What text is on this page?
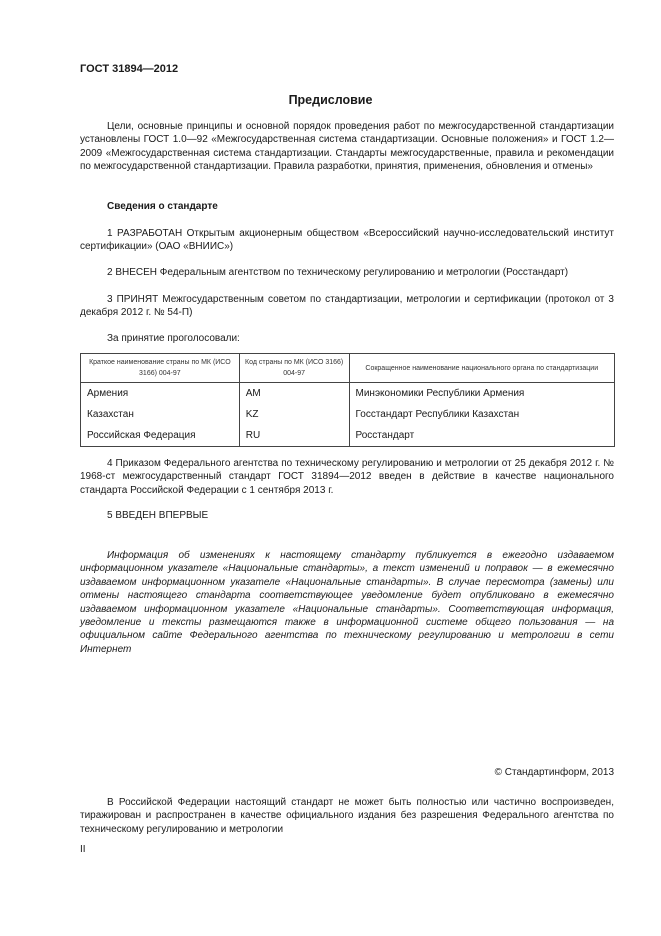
ГОСТ 31894—2012
Предисловие
Цели, основные принципы и основной порядок проведения работ по межгосударственной стандартизации установлены ГОСТ 1.0—92 «Межгосударственная система стандартизации. Основные положения» и ГОСТ 1.2—2009 «Межгосударственная система стандартизации. Стандарты межгосударственные, правила и рекомендации по межгосударственной стандартизации. Правила разработки, принятия, применения, обновления и отмены»
Сведения о стандарте
1 РАЗРАБОТАН Открытым акционерным обществом «Всероссийский научно-исследовательский институт сертификации» (ОАО «ВНИИС»)
2 ВНЕСЕН Федеральным агентством по техническому регулированию и метрологии (Росстандарт)
3 ПРИНЯТ Межгосударственным советом по стандартизации, метрологии и сертификации (протокол от 3 декабря 2012 г. № 54-П)
За принятие проголосовали:
Краткое наименование страны по МК (ИСО 3166) 004-97	Код страны по МК (ИСО 3166) 004-97	Сокращенное наименование национального органа по стандартизации
Армения	AM	Минэкономики Республики Армения
Казахстан	KZ	Госстандарт Республики Казахстан
Российская Федерация	RU	Росстандарт
4 Приказом Федерального агентства по техническому регулированию и метрологии от 25 декабря 2012 г. № 1968-ст межгосударственный стандарт ГОСТ 31894—2012 введен в действие в качестве национального стандарта Российской Федерации с 1 сентября 2013 г.
5 ВВЕДЕН ВПЕРВЫЕ
Информация об изменениях к настоящему стандарту публикуется в ежегодно издаваемом информационном указателе «Национальные стандарты», а текст изменений и поправок — в ежемесячно издаваемом информационном указателе «Национальные стандарты». В случае пересмотра (замены) или отмены настоящего стандарта соответствующее уведомление будет опубликовано в ежемесячно издаваемом информационном указателе «Национальные стандарты». Соответствующая информация, уведомление и тексты размещаются также в информационной системе общего пользования — на официальном сайте Федерального агентства по техническому регулированию и метрологии в сети Интернет
© Стандартинформ, 2013
В Российской Федерации настоящий стандарт не может быть полностью или частично воспроизведен, тиражирован и распространен в качестве официального издания без разрешения Федерального агентства по техническому регулированию и метрологии
II
